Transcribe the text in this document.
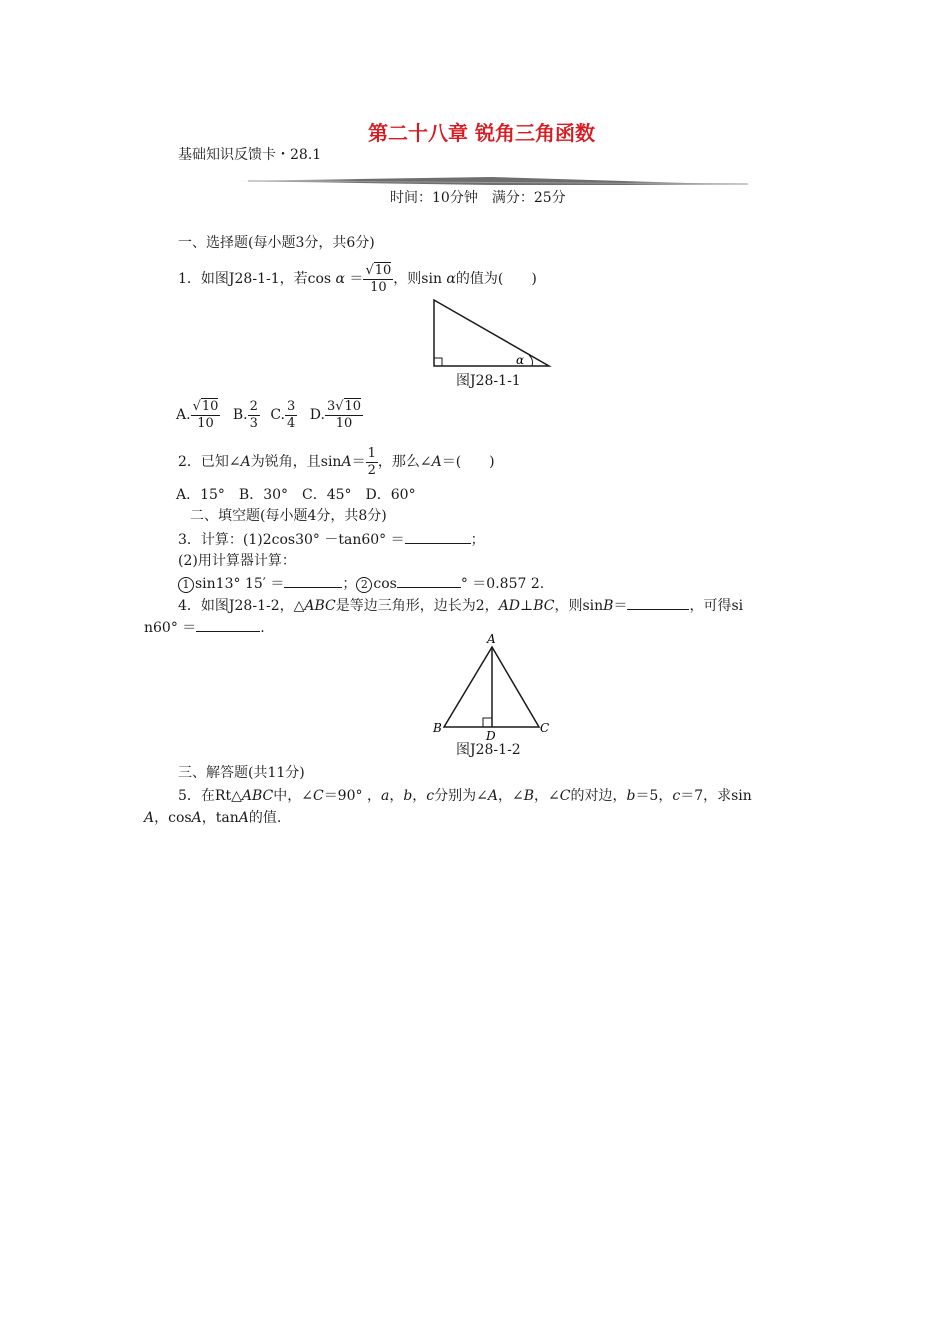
第二十八章 锐角三角函数
基础知识反馈卡・28.1
时间：10分钟　满分：25分
一、选择题(每小题3分，共6分)
1．如图J28-1-1，若$\cos \alpha = \frac{√10}{10}$ ，则sin α的值为(　　)
α
图J28-1-1
A. $\frac{√10}{10} B$. $\frac{2}{3} C$. $\frac{3}{4} D$. $\frac{3√10}{10}$
2．已知∠A为锐角，且$\sin A= \frac{1}{2}$ ，那么∠A＝(　　)
A．15°　B．30°　C．45°　D．60°
二、填空题(每小题4分，共8分)
3．计算：(1)2cos30° －tan60° ＝	；
(2)用计算器计算：
1 sin13° 15′ ＝	； 2 cos	° ＝0.857 2.
4．如图J28-1-2，△ABC是等边三角形，边长为2，AD⊥BC，则sinB＝	，可得si
n60° ＝	.
A
B	C
D
图J28-1-2
三、解答题(共11分)
5．在Rt△ABC中，∠C＝90° ，a，b，c分别为∠A，∠B，∠C的对边，b＝5，c＝7，求sin
A，cosA，tanA的值.
